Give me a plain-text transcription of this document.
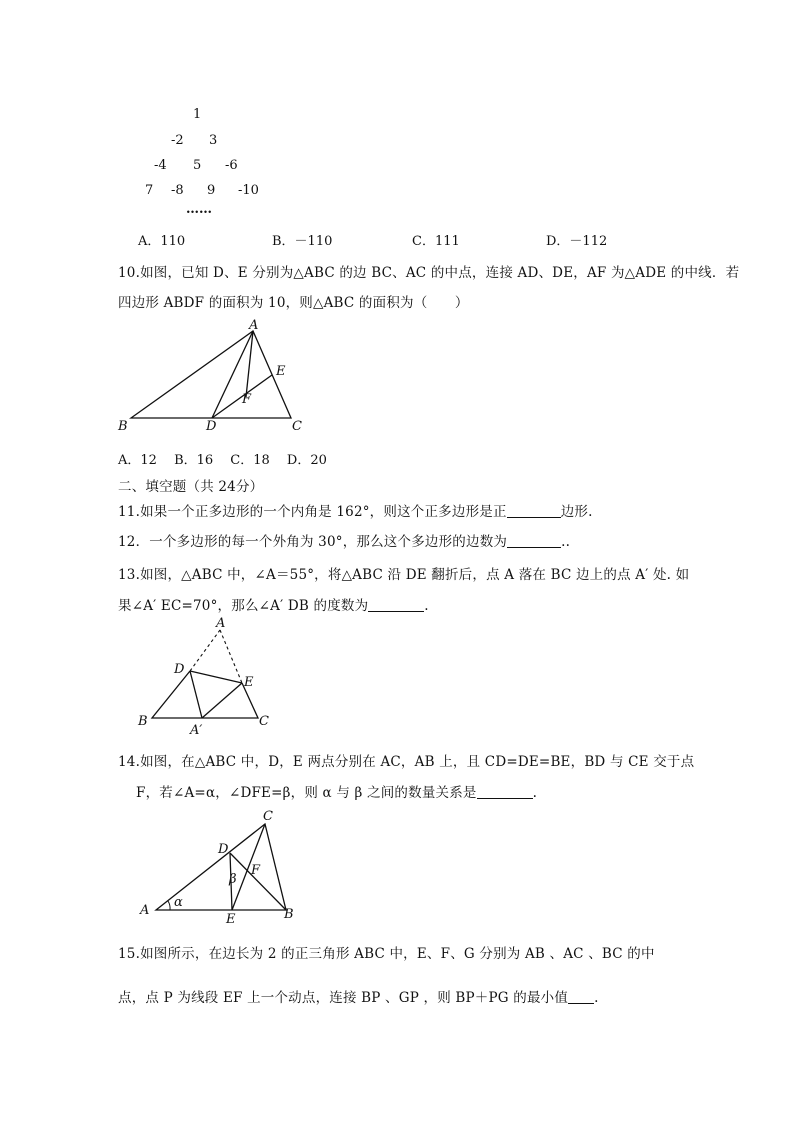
1
-2 3
-4 5 -6
7 -8 9 -10
……
A．110	B．－110	C．111	D．－112
10.如图，已知 D、E 分别为△ABC 的边 BC、AC 的中点，连接 AD、DE，AF 为△ADE 的中线．若
四边形 ABDF 的面积为 10，则△ABC 的面积为（　　）
A
B	C
D
E
F
A．12　 B．16　 C．18　 D．20
二、填空题（共 24分）
11.如果一个正多边形的一个内角是 162°，则这个正多边形是正	边形.
12．一个多边形的每一个外角为 30°，那么这个多边形的边数为	..
13.如图，△ABC 中，∠A＝55°，将△ABC 沿 DE 翻折后，点 A 落在 BC 边上的点 A′ 处. 如
果∠A′ EC=70°，那么∠A′ DB 的度数为	.
A
B	C
D
E
A′
14.如图，在△ABC 中，D，E 两点分别在 AC，AB 上，且 CD=DE=BE，BD 与 CE 交于点
F，若∠A=α，∠DFE=β，则 α 与 β 之间的数量关系是	.
A	B
C
D
E
F
α
β
15.如图所示，在边长为 2 的正三角形 ABC 中，E、F、G 分别为 AB 、AC 、BC 的中
点，点 P 为线段 EF 上一个动点，连接 BP 、GP ，则 BP＋PG 的最小值 .
